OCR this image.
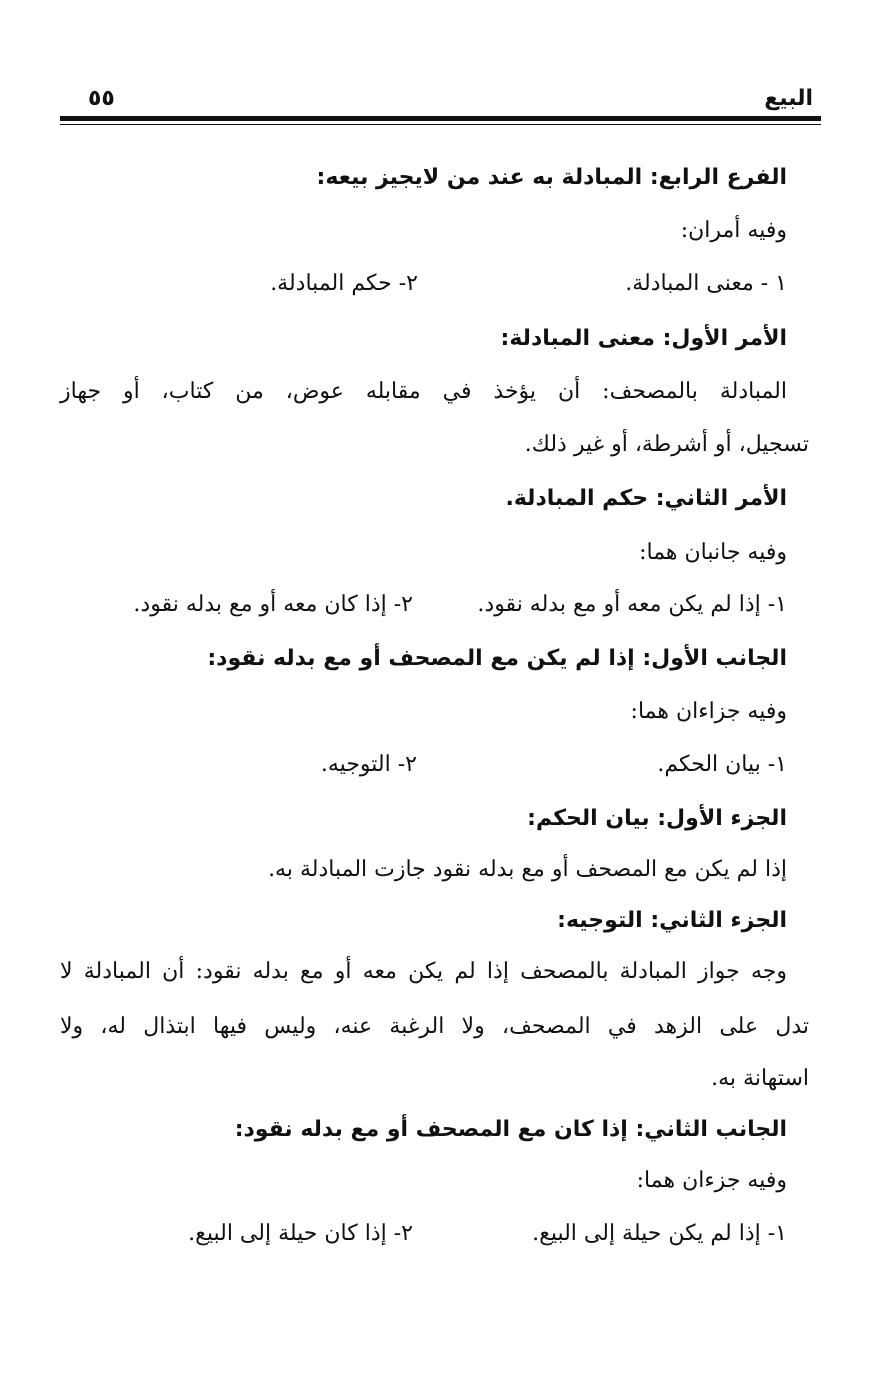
البيع
٥٥
الفرع الرابع: المبادلة به عند من لايجيز بيعه:
وفيه أمران:
١ - معنى المبادلة.
٢- حكم المبادلة.
الأمر الأول: معنى المبادلة:
المبادلة بالمصحف: أن يؤخذ في مقابله عوض، من كتاب، أو جهاز
تسجيل، أو أشرطة، أو غير ذلك.
الأمر الثاني: حكم المبادلة.
وفيه جانبان هما:
١- إذا لم يكن معه أو مع بدله نقود.
٢- إذا كان معه أو مع بدله نقود.
الجانب الأول: إذا لم يكن مع المصحف أو مع بدله نقود:
وفيه جزاءان هما:
١- بيان الحكم.
٢- التوجيه.
الجزء الأول: بيان الحكم:
إذا لم يكن مع المصحف أو مع بدله نقود جازت المبادلة به.
الجزء الثاني: التوجيه:
وجه جواز المبادلة بالمصحف إذا لم يكن معه أو مع بدله نقود: أن المبادلة لا
تدل على الزهد في المصحف، ولا الرغبة عنه، وليس فيها ابتذال له، ولا
استهانة به.
الجانب الثاني: إذا كان مع المصحف أو مع بدله نقود:
وفيه جزءان هما:
١- إذا لم يكن حيلة إلى البيع.
٢- إذا كان حيلة إلى البيع.
